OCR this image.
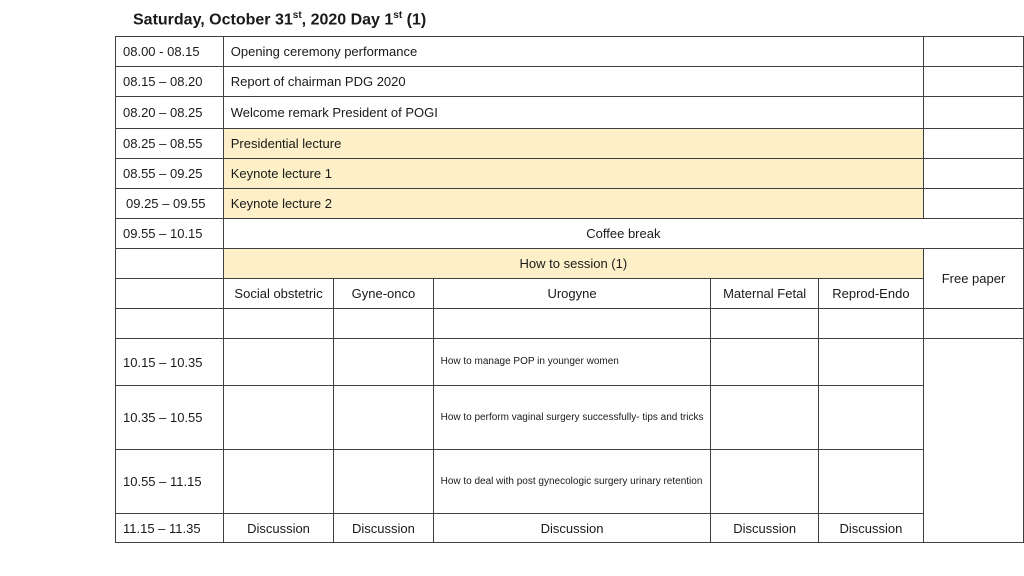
Saturday, October 31st, 2020 Day 1st (1)
08.00 - 08.15	Opening ceremony performance					
08.15 – 08.20	Report of chairman PDG 2020					
08.20 – 08.25	Welcome remark President of POGI					
08.25 – 08.55	Presidential lecture					
08.55 – 09.25	Keynote lecture 1					
09.25 – 09.55	Keynote lecture 2					
09.55 – 10.15	Coffee break					
	How to session (1)					Free paper
	Social obstetric	Gyne-onco	Urogyne	Maternal Fetal	Reprod-Endo	

10.15 – 10.35			How to manage POP in younger women			
10.35 – 10.55			How to perform vaginal surgery successfully- tips and tricks			
10.55 – 11.15			How to deal with post gynecologic surgery urinary retention			
11.15 – 11.35	Discussion	Discussion	Discussion	Discussion	Discussion	
